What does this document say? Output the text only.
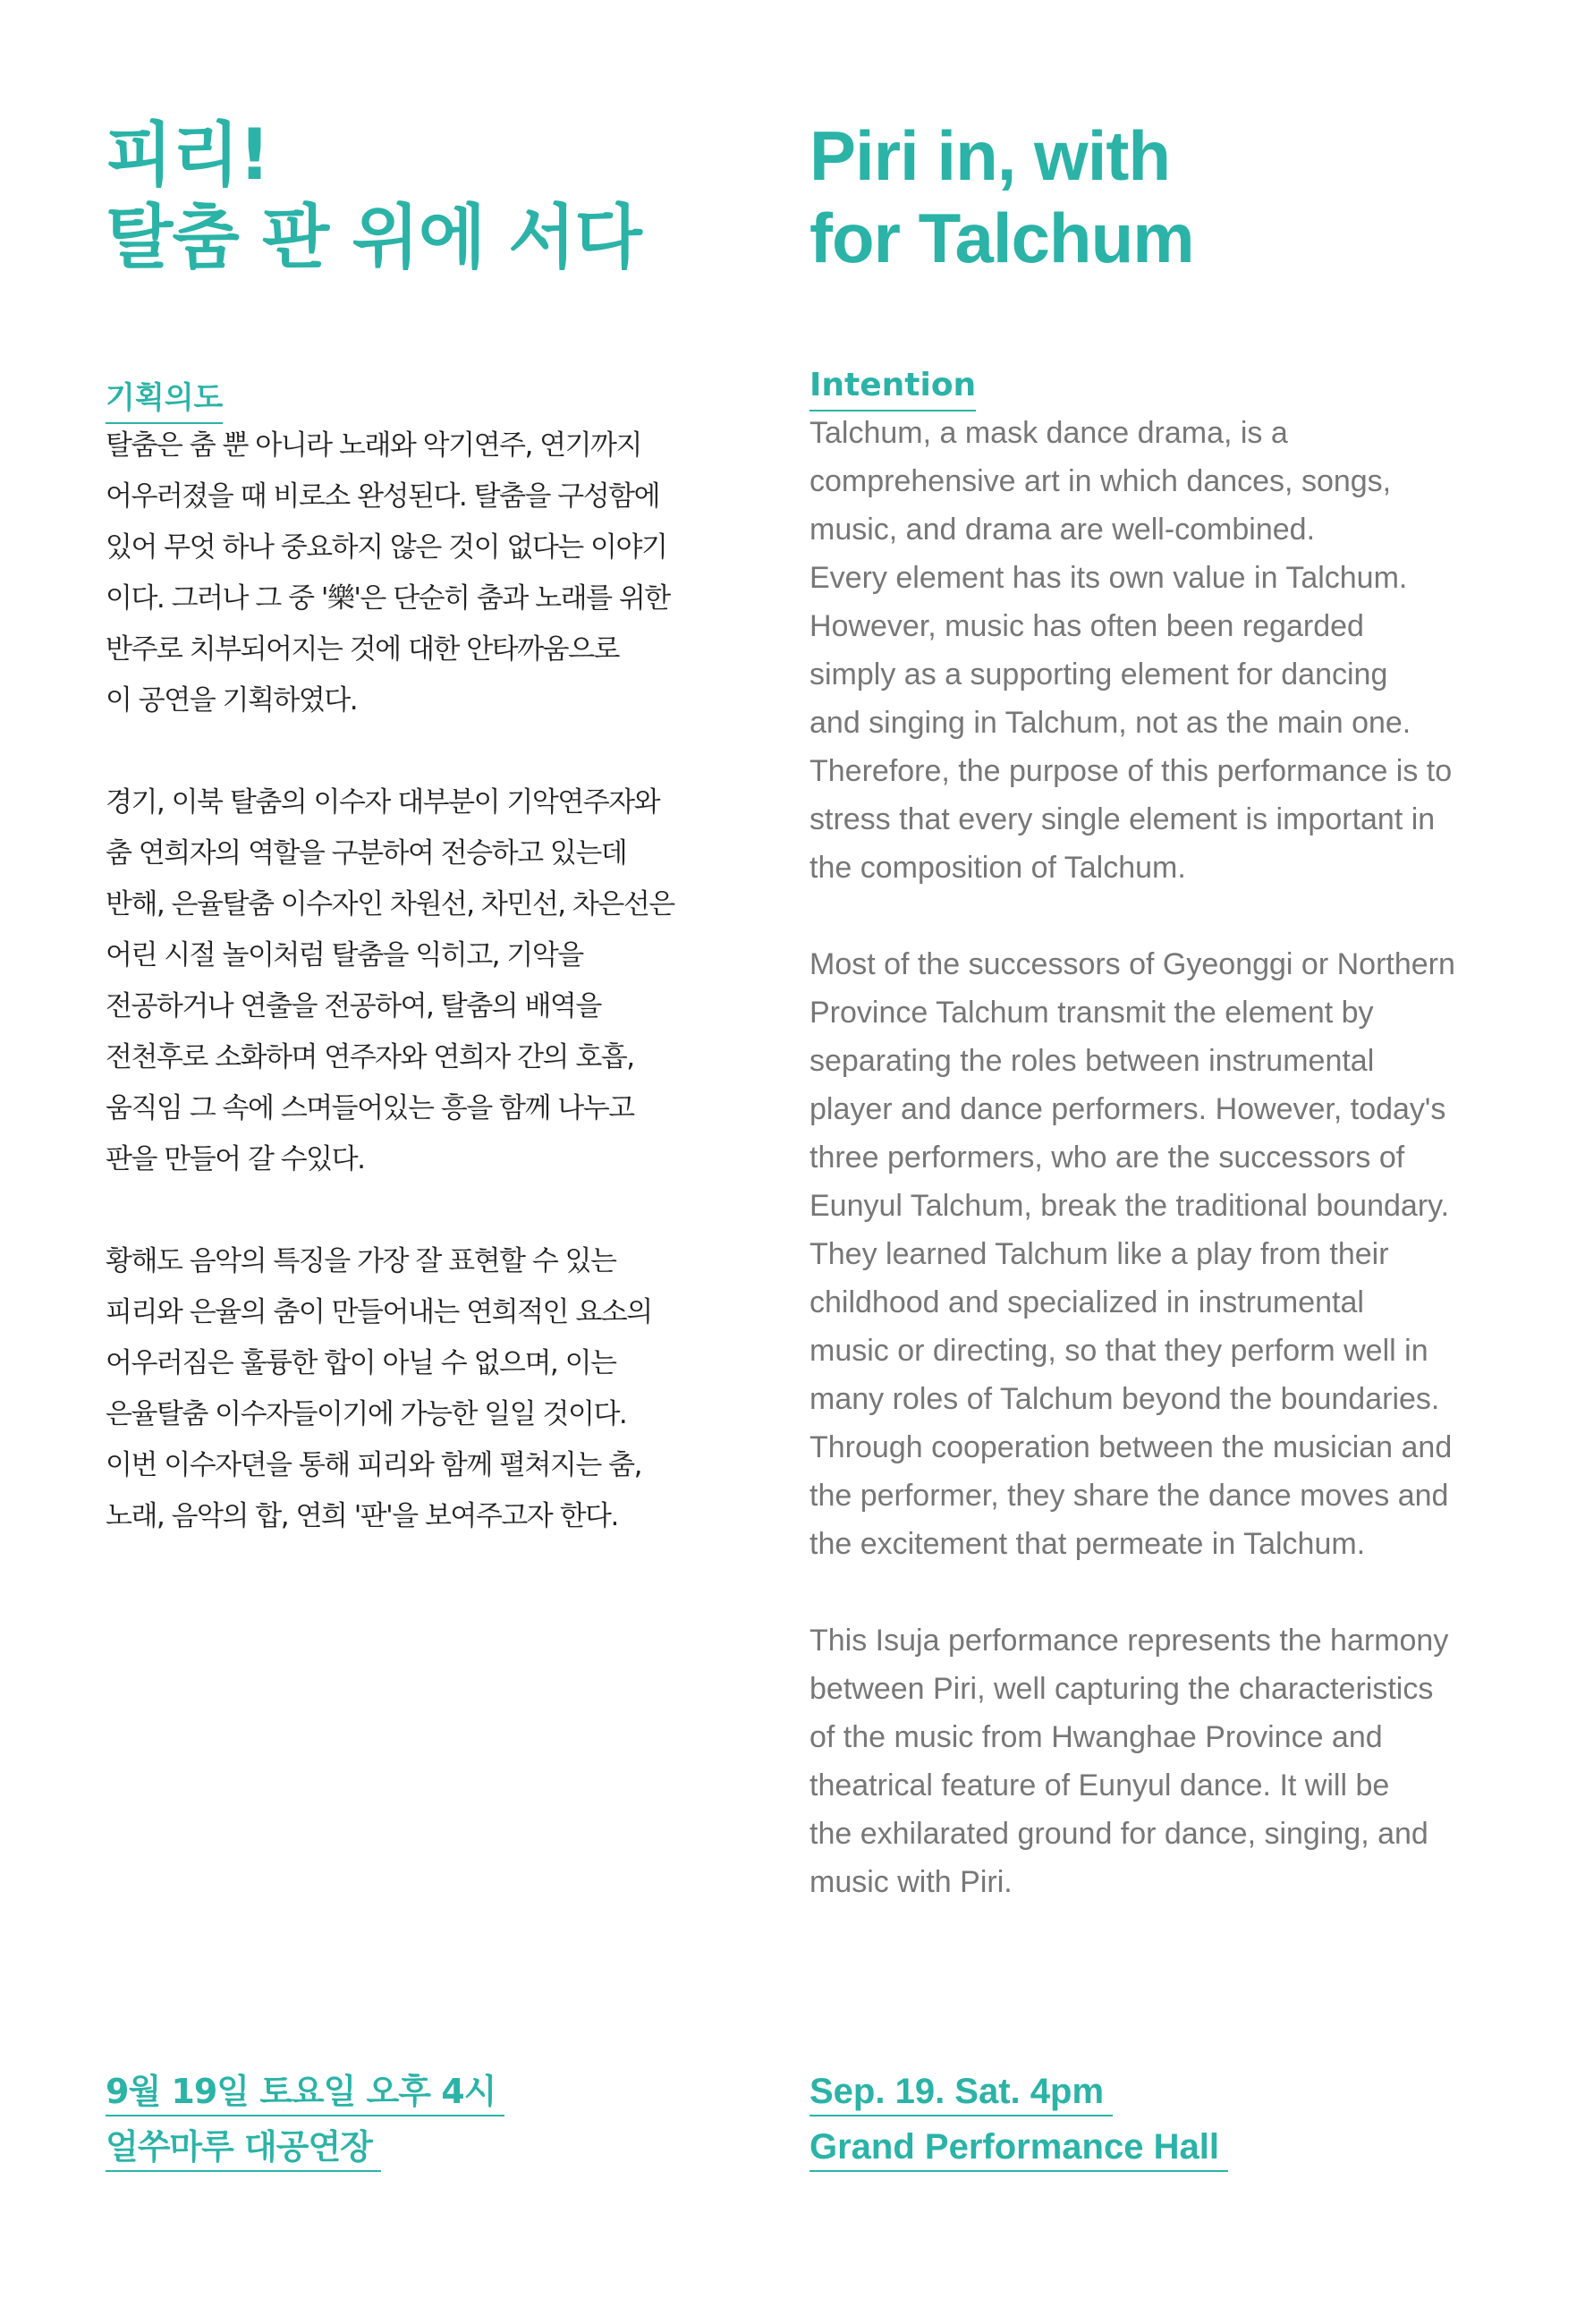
피리!
탈춤 판 위에 서다
기획의도
탈춤은 춤 뿐 아니라 노래와 악기연주, 연기까지
어우러졌을 때 비로소 완성된다. 탈춤을 구성함에
있어 무엇 하나 중요하지 않은 것이 없다는 이야기
이다. 그러나 그 중 '樂'은 단순히 춤과 노래를 위한
반주로 치부되어지는 것에 대한 안타까움으로
이 공연을 기획하였다.
경기, 이북 탈춤의 이수자 대부분이 기악연주자와
춤 연희자의 역할을 구분하여 전승하고 있는데
반해, 은율탈춤 이수자인 차원선, 차민선, 차은선은
어린 시절 놀이처럼 탈춤을 익히고, 기악을
전공하거나 연출을 전공하여, 탈춤의 배역을
전천후로 소화하며 연주자와 연희자 간의 호흡,
움직임 그 속에 스며들어있는 흥을 함께 나누고
판을 만들어 갈 수있다.
황해도 음악의 특징을 가장 잘 표현할 수 있는
피리와 은율의 춤이 만들어내는 연희적인 요소의
어우러짐은 훌륭한 합이 아닐 수 없으며, 이는
은율탈춤 이수자들이기에 가능한 일일 것이다.
이번 이수자뎐을 통해 피리와 함께 펼쳐지는 춤,
노래, 음악의 합, 연희 '판'을 보여주고자 한다.
9월 19일 토요일 오후 4시
얼쑤마루 대공연장
Piri in, with
for Talchum
Intention
Talchum, a mask dance drama, is a
comprehensive art in which dances, songs,
music, and drama are well-combined.
Every element has its own value in Talchum.
However, music has often been regarded
simply as a supporting element for dancing
and singing in Talchum, not as the main one.
Therefore, the purpose of this performance is to
stress that every single element is important in
the composition of Talchum.
Most of the successors of Gyeonggi or Northern
Province Talchum transmit the element by
separating the roles between instrumental
player and dance performers. However, today's
three performers, who are the successors of
Eunyul Talchum, break the traditional boundary.
They learned Talchum like a play from their
childhood and specialized in instrumental
music or directing, so that they perform well in
many roles of Talchum beyond the boundaries.
Through cooperation between the musician and
the performer, they share the dance moves and
the excitement that permeate in Talchum.
This Isuja performance represents the harmony
between Piri, well capturing the characteristics
of the music from Hwanghae Province and
theatrical feature of Eunyul dance. It will be
the exhilarated ground for dance, singing, and
music with Piri.
Sep. 19. Sat. 4pm
Grand Performance Hall
